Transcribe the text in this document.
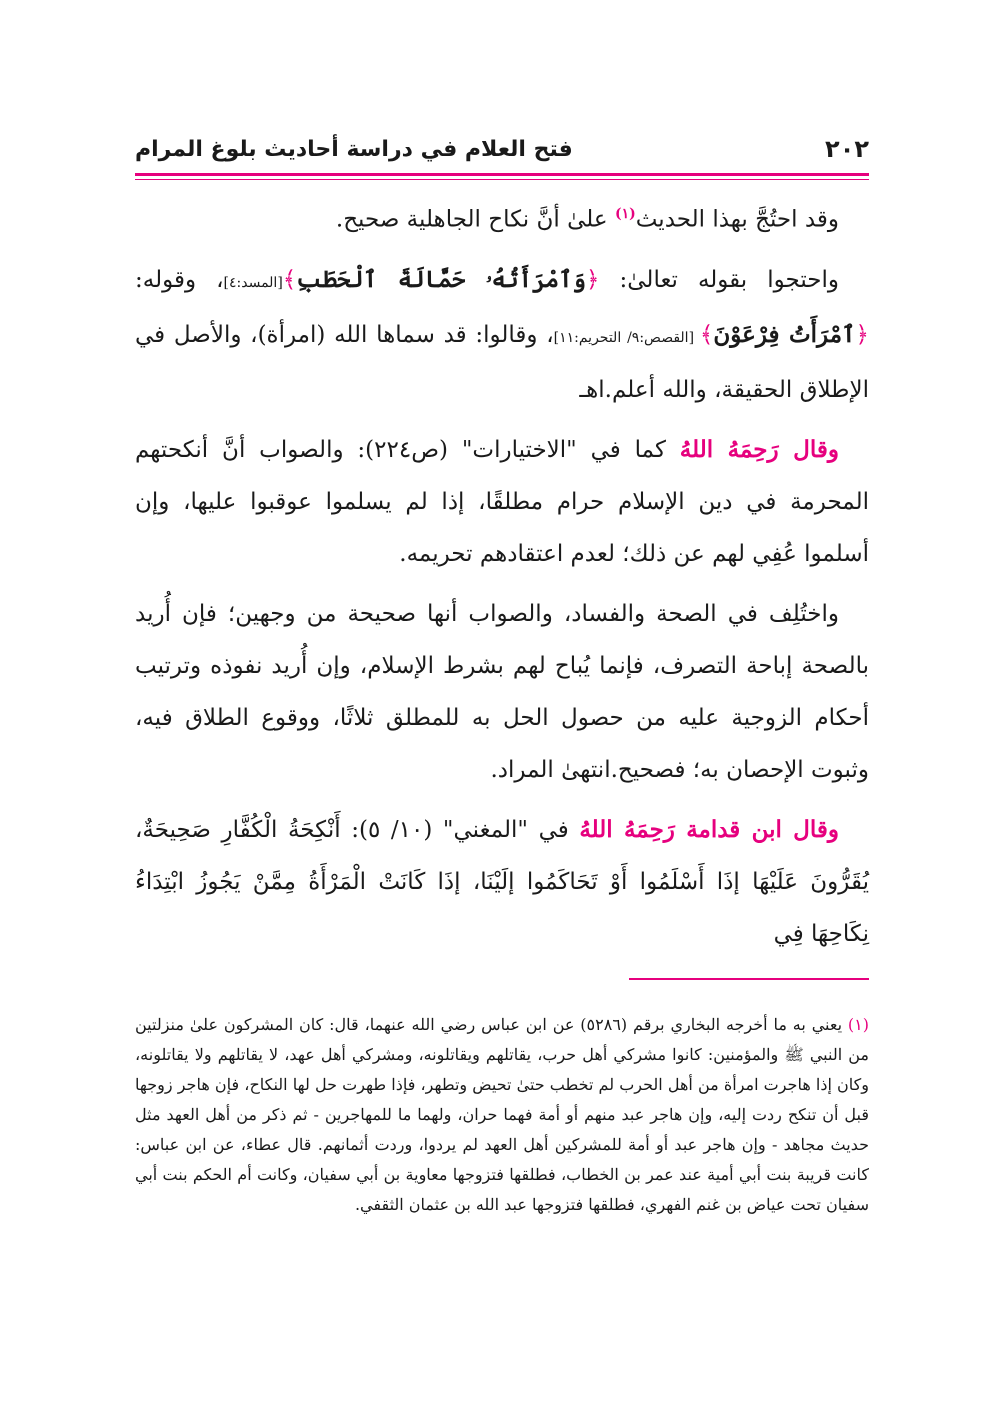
٢٠٢
فتح العلام في دراسة أحاديث بلوغ المرام

وقد احتُجَّ بهذا الحديث$^{(١)}$ علىٰ أنَّ نكاح الجاهلية صحيح.

واحتجوا بقوله تعالىٰ: ﴿وَٱمْرَأَتُهُۥ حَمَّالَةَ ٱلْحَطَبِ﴾[المسد:٤]، وقوله: ﴿ٱمْرَأَتُ فِرْعَوْنَ﴾ [القصص:٩/ التحريم:١١]، وقالوا: قد سماها الله (امرأة)، والأصل في الإطلاق الحقيقة، والله أعلم.اهـ

وقال رَحِمَهُ اللهُ كما في "الاختيارات" (ص٢٢٤): والصواب أنَّ أنكحتهم المحرمة في دين الإسلام حرام مطلقًا، إذا لم يسلموا عوقبوا عليها، وإن أسلموا عُفِي لهم عن ذلك؛ لعدم اعتقادهم تحريمه.

واختُلِف في الصحة والفساد، والصواب أنها صحيحة من وجهين؛ فإن أُريد بالصحة إباحة التصرف، فإنما يُباح لهم بشرط الإسلام، وإن أُريد نفوذه وترتيب أحكام الزوجية عليه من حصول الحل به للمطلق ثلاثًا، ووقوع الطلاق فيه، وثبوت الإحصان به؛ فصحيح.انتهىٰ المراد.

وقال ابن قدامة رَحِمَهُ اللهُ في "المغني" (١٠/ ٥): أَنْكِحَةُ الْكُفَّارِ صَحِيحَةٌ، يُقَرُّونَ عَلَيْهَا إذَا أَسْلَمُوا أَوْ تَحَاكَمُوا إلَيْنَا، إذَا كَانَتْ الْمَرْأَةُ مِمَّنْ يَجُوزُ ابْتِدَاءُ نِكَاحِهَا فِي

(١) يعني به ما أخرجه البخاري برقم (٥٢٨٦) عن ابن عباس رضي الله عنهما، قال: كان المشركون علىٰ منزلتين من النبي ﷺ والمؤمنين: كانوا مشركي أهل حرب، يقاتلهم ويقاتلونه، ومشركي أهل عهد، لا يقاتلهم ولا يقاتلونه، وكان إذا هاجرت امرأة من أهل الحرب لم تخطب حتىٰ تحيض وتطهر، فإذا طهرت حل لها النكاح، فإن هاجر زوجها قبل أن تنكح ردت إليه، وإن هاجر عبد منهم أو أمة فهما حران، ولهما ما للمهاجرين - ثم ذكر من أهل العهد مثل حديث مجاهد - وإن هاجر عبد أو أمة للمشركين أهل العهد لم يردوا، وردت أثمانهم. قال عطاء، عن ابن عباس: كانت قريبة بنت أبي أمية عند عمر بن الخطاب، فطلقها فتزوجها معاوية بن أبي سفيان، وكانت أم الحكم بنت أبي سفيان تحت عياض بن غنم الفهري، فطلقها فتزوجها عبد الله بن عثمان الثقفي.
